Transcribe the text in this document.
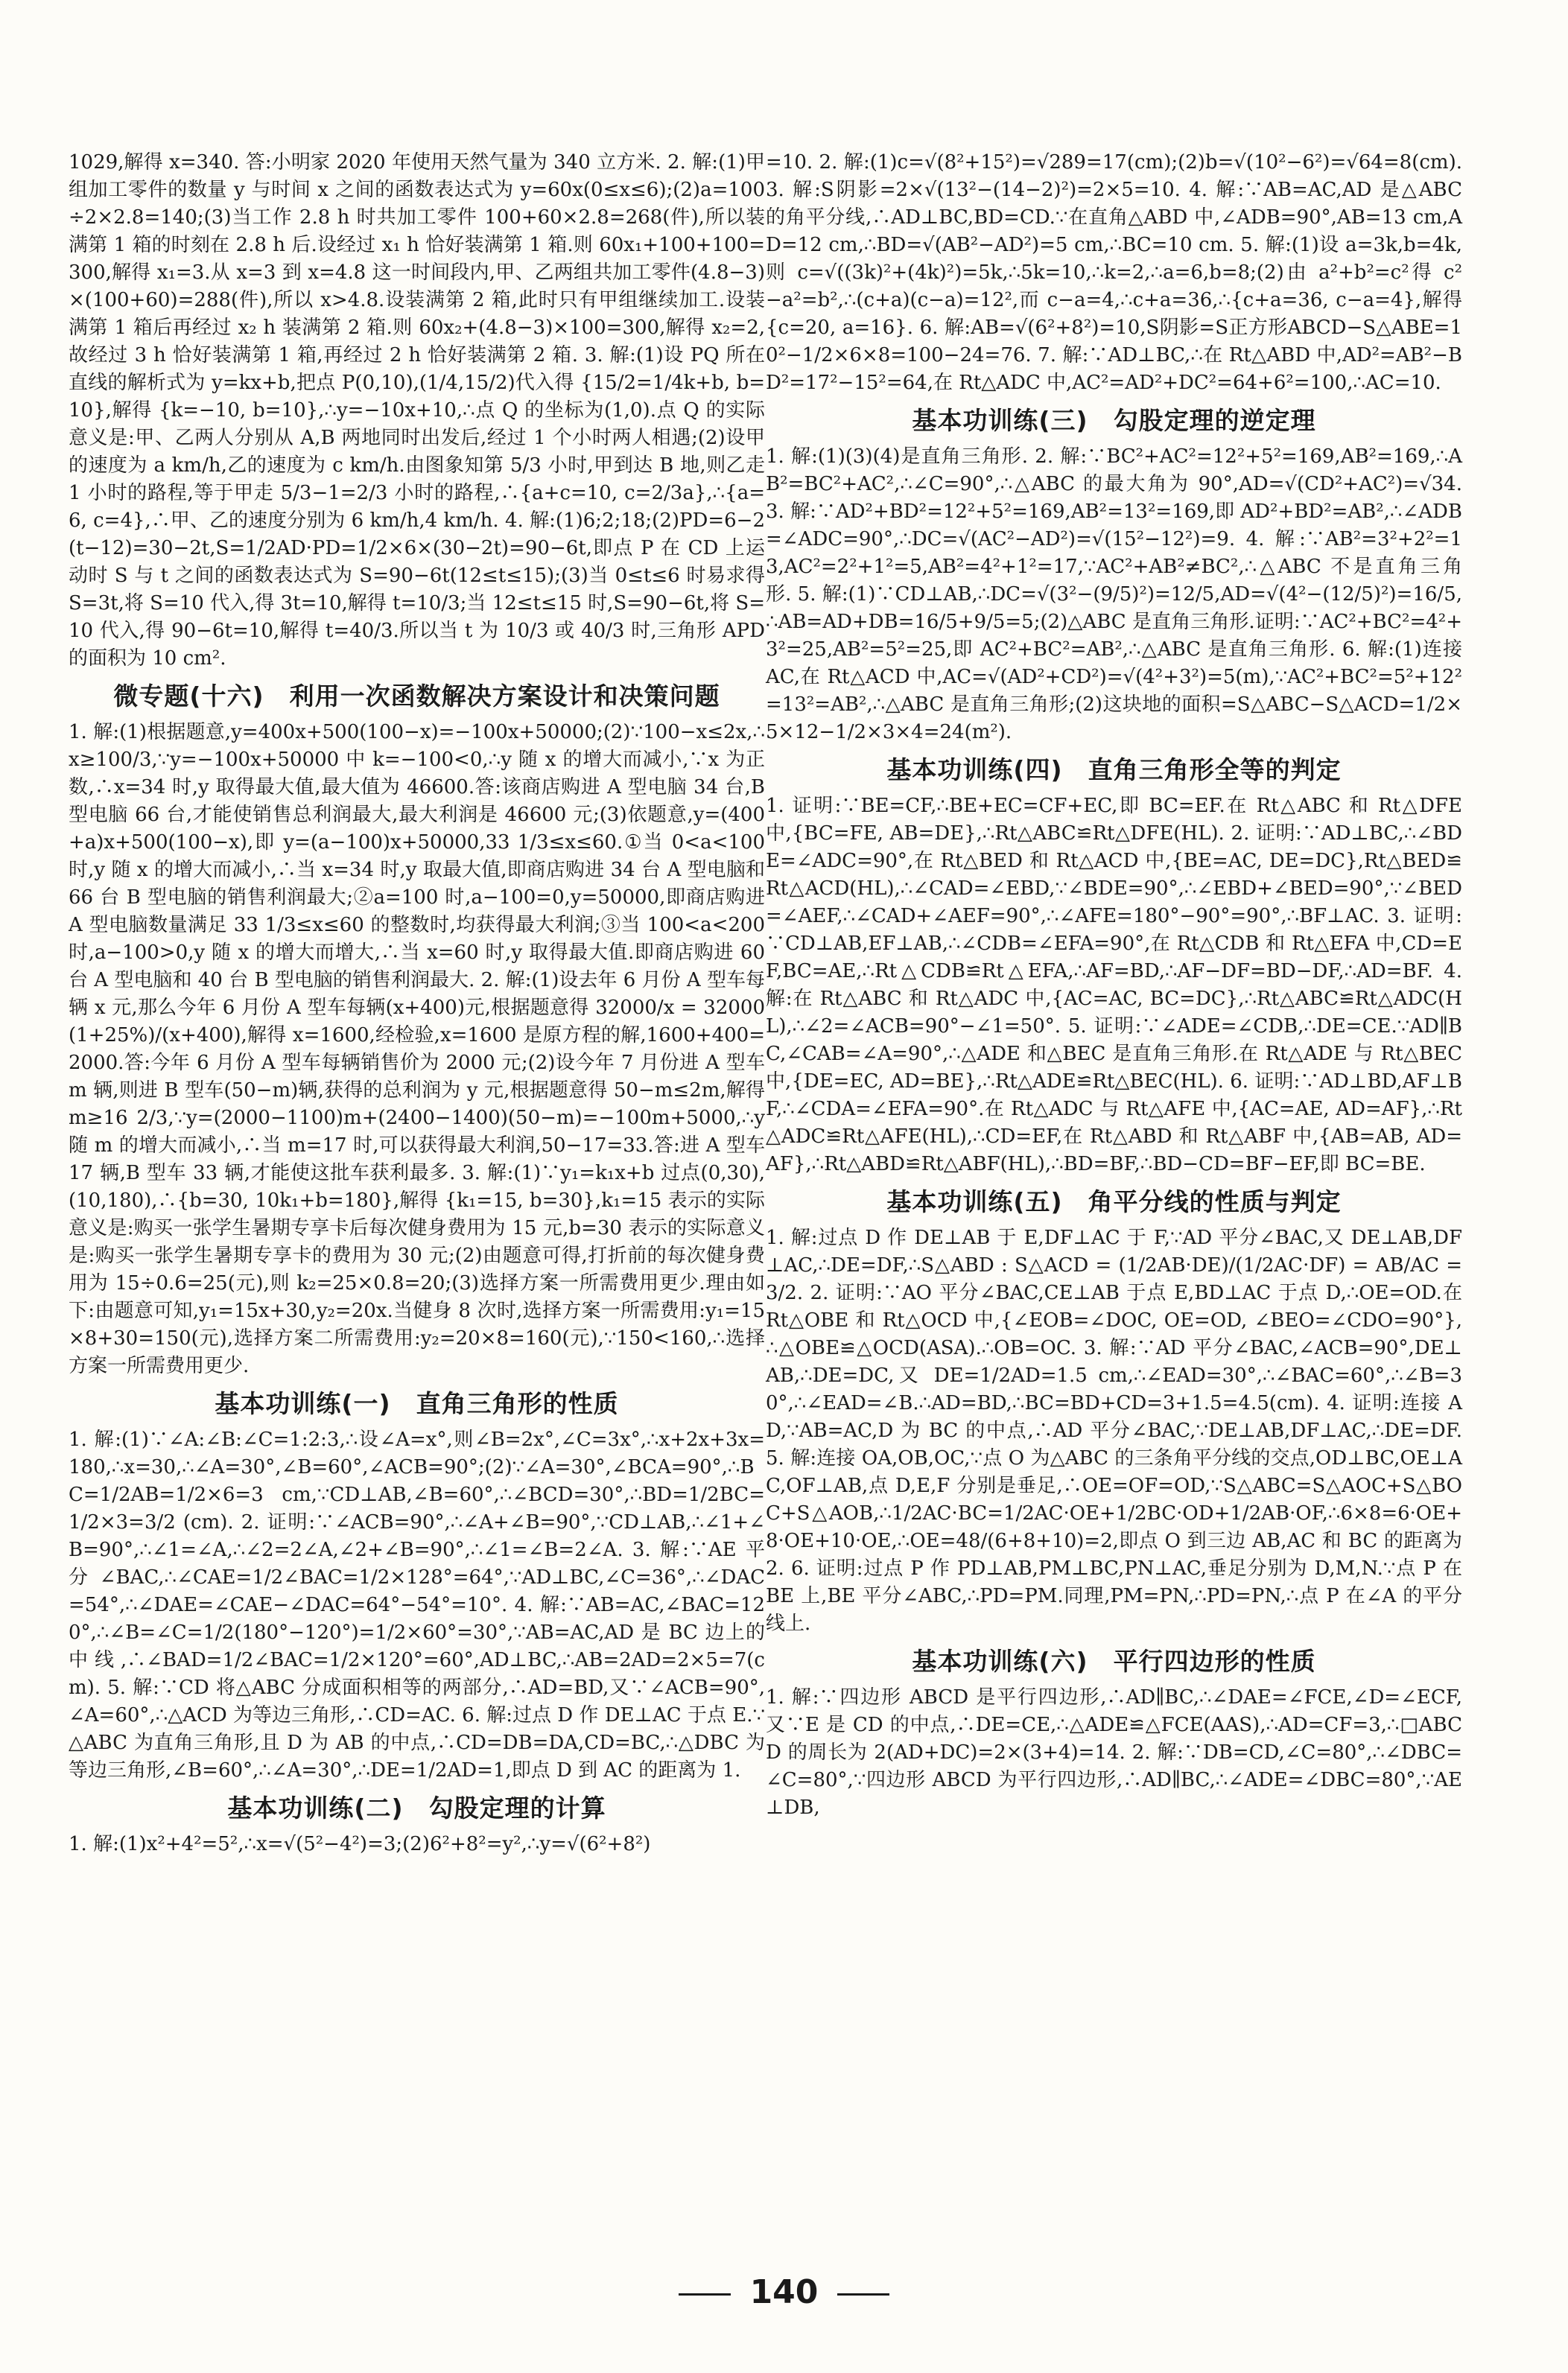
1029,解得 x=340. 答:小明家 2020 年使用天然气量为 340 立方米. 2. 解:(1)甲组加工零件的数量 y 与时间 x 之间的函数表达式为 y=60x(0≤x≤6);(2)a=100÷2×2.8=140;(3)当工作 2.8 h 时共加工零件 100+60×2.8=268(件),所以装满第 1 箱的时刻在 2.8 h 后.设经过 x₁ h 恰好装满第 1 箱.则 60x₁+100+100=300,解得 x₁=3.从 x=3 到 x=4.8 这一时间段内,甲、乙两组共加工零件(4.8−3)×(100+60)=288(件),所以 x>4.8.设装满第 2 箱,此时只有甲组继续加工.设装满第 1 箱后再经过 x₂ h 装满第 2 箱.则 60x₂+(4.8−3)×100=300,解得 x₂=2,故经过 3 h 恰好装满第 1 箱,再经过 2 h 恰好装满第 2 箱. 3. 解:(1)设 PQ 所在直线的解析式为 y=kx+b,把点 P(0,10),(1/4,15/2)代入得 {15/2=1/4k+b, b=10},解得 {k=−10, b=10},∴y=−10x+10,∴点 Q 的坐标为(1,0).点 Q 的实际意义是:甲、乙两人分别从 A,B 两地同时出发后,经过 1 个小时两人相遇;(2)设甲的速度为 a km/h,乙的速度为 c km/h.由图象知第 5/3 小时,甲到达 B 地,则乙走 1 小时的路程,等于甲走 5/3−1=2/3 小时的路程,∴{a+c=10, c=2/3a},∴{a=6, c=4},∴甲、乙的速度分别为 6 km/h,4 km/h. 4. 解:(1)6;2;18;(2)PD=6−2(t−12)=30−2t,S=1/2AD·PD=1/2×6×(30−2t)=90−6t,即点 P 在 CD 上运动时 S 与 t 之间的函数表达式为 S=90−6t(12≤t≤15);(3)当 0≤t≤6 时易求得 S=3t,将 S=10 代入,得 3t=10,解得 t=10/3;当 12≤t≤15 时,S=90−6t,将 S=10 代入,得 90−6t=10,解得 t=40/3.所以当 t 为 10/3 或 40/3 时,三角形 APD 的面积为 10 cm².
微专题(十六)　利用一次函数解决方案设计和决策问题
1. 解:(1)根据题意,y=400x+500(100−x)=−100x+50000;(2)∵100−x≤2x,∴x≥100/3,∵y=−100x+50000 中 k=−100<0,∴y 随 x 的增大而减小,∵x 为正数,∴x=34 时,y 取得最大值,最大值为 46600.答:该商店购进 A 型电脑 34 台,B 型电脑 66 台,才能使销售总利润最大,最大利润是 46600 元;(3)依题意,y=(400+a)x+500(100−x),即 y=(a−100)x+50000,33 1/3≤x≤60.①当 0<a<100 时,y 随 x 的增大而减小,∴当 x=34 时,y 取最大值,即商店购进 34 台 A 型电脑和 66 台 B 型电脑的销售利润最大;②a=100 时,a−100=0,y=50000,即商店购进 A 型电脑数量满足 33 1/3≤x≤60 的整数时,均获得最大利润;③当 100<a<200 时,a−100>0,y 随 x 的增大而增大,∴当 x=60 时,y 取得最大值.即商店购进 60 台 A 型电脑和 40 台 B 型电脑的销售利润最大. 2. 解:(1)设去年 6 月份 A 型车每辆 x 元,那么今年 6 月份 A 型车每辆(x+400)元,根据题意得 32000/x = 32000(1+25%)/(x+400),解得 x=1600,经检验,x=1600 是原方程的解,1600+400=2000.答:今年 6 月份 A 型车每辆销售价为 2000 元;(2)设今年 7 月份进 A 型车 m 辆,则进 B 型车(50−m)辆,获得的总利润为 y 元,根据题意得 50−m≤2m,解得 m≥16 2/3,∵y=(2000−1100)m+(2400−1400)(50−m)=−100m+5000,∴y 随 m 的增大而减小,∴当 m=17 时,可以获得最大利润,50−17=33.答:进 A 型车 17 辆,B 型车 33 辆,才能使这批车获利最多. 3. 解:(1)∵y₁=k₁x+b 过点(0,30),(10,180),∴{b=30, 10k₁+b=180},解得 {k₁=15, b=30},k₁=15 表示的实际意义是:购买一张学生暑期专享卡后每次健身费用为 15 元,b=30 表示的实际意义是:购买一张学生暑期专享卡的费用为 30 元;(2)由题意可得,打折前的每次健身费用为 15÷0.6=25(元),则 k₂=25×0.8=20;(3)选择方案一所需费用更少.理由如下:由题意可知,y₁=15x+30,y₂=20x.当健身 8 次时,选择方案一所需费用:y₁=15×8+30=150(元),选择方案二所需费用:y₂=20×8=160(元),∵150<160,∴选择方案一所需费用更少.
基本功训练(一)　直角三角形的性质
1. 解:(1)∵∠A:∠B:∠C=1:2:3,∴设∠A=x°,则∠B=2x°,∠C=3x°,∴x+2x+3x=180,∴x=30,∴∠A=30°,∠B=60°,∠ACB=90°;(2)∵∠A=30°,∠BCA=90°,∴BC=1/2AB=1/2×6=3 cm,∵CD⊥AB,∠B=60°,∴∠BCD=30°,∴BD=1/2BC=1/2×3=3/2 (cm). 2. 证明:∵∠ACB=90°,∴∠A+∠B=90°,∵CD⊥AB,∴∠1+∠B=90°,∴∠1=∠A,∴∠2=2∠A,∠2+∠B=90°,∴∠1=∠B=2∠A. 3. 解:∵AE 平分∠BAC,∴∠CAE=1/2∠BAC=1/2×128°=64°,∵AD⊥BC,∠C=36°,∴∠DAC=54°,∴∠DAE=∠CAE−∠DAC=64°−54°=10°. 4. 解:∵AB=AC,∠BAC=120°,∴∠B=∠C=1/2(180°−120°)=1/2×60°=30°,∵AB=AC,AD 是 BC 边上的中线,∴∠BAD=1/2∠BAC=1/2×120°=60°,AD⊥BC,∴AB=2AD=2×5=7(cm). 5. 解:∵CD 将△ABC 分成面积相等的两部分,∴AD=BD,又∵∠ACB=90°,∠A=60°,∴△ACD 为等边三角形,∴CD=AC. 6. 解:过点 D 作 DE⊥AC 于点 E.∵△ABC 为直角三角形,且 D 为 AB 的中点,∴CD=DB=DA,CD=BC,∴△DBC 为等边三角形,∠B=60°,∴∠A=30°,∴DE=1/2AD=1,即点 D 到 AC 的距离为 1.
基本功训练(二)　勾股定理的计算
1. 解:(1)x²+4²=5²,∴x=√(5²−4²)=3;(2)6²+8²=y²,∴y=√(6²+8²)
=10. 2. 解:(1)c=√(8²+15²)=√289=17(cm);(2)b=√(10²−6²)=√64=8(cm). 3. 解:S阴影=2×√(13²−(14−2)²)=2×5=10. 4. 解:∵AB=AC,AD 是△ABC 的角平分线,∴AD⊥BC,BD=CD.∵在直角△ABD 中,∠ADB=90°,AB=13 cm,AD=12 cm,∴BD=√(AB²−AD²)=5 cm,∴BC=10 cm. 5. 解:(1)设 a=3k,b=4k,则 c=√((3k)²+(4k)²)=5k,∴5k=10,∴k=2,∴a=6,b=8;(2)由 a²+b²=c²得 c²−a²=b²,∴(c+a)(c−a)=12²,而 c−a=4,∴c+a=36,∴{c+a=36, c−a=4},解得 {c=20, a=16}. 6. 解:AB=√(6²+8²)=10,S阴影=S正方形ABCD−S△ABE=10²−1/2×6×8=100−24=76. 7. 解:∵AD⊥BC,∴在 Rt△ABD 中,AD²=AB²−BD²=17²−15²=64,在 Rt△ADC 中,AC²=AD²+DC²=64+6²=100,∴AC=10.
基本功训练(三)　勾股定理的逆定理
1. 解:(1)(3)(4)是直角三角形. 2. 解:∵BC²+AC²=12²+5²=169,AB²=169,∴AB²=BC²+AC²,∴∠C=90°,∴△ABC 的最大角为 90°,AD=√(CD²+AC²)=√34. 3. 解:∵AD²+BD²=12²+5²=169,AB²=13²=169,即 AD²+BD²=AB²,∴∠ADB=∠ADC=90°,∴DC=√(AC²−AD²)=√(15²−12²)=9. 4. 解:∵AB²=3²+2²=13,AC²=2²+1²=5,AB²=4²+1²=17,∵AC²+AB²≠BC²,∴△ABC 不是直角三角形. 5. 解:(1)∵CD⊥AB,∴DC=√(3²−(9/5)²)=12/5,AD=√(4²−(12/5)²)=16/5,∴AB=AD+DB=16/5+9/5=5;(2)△ABC 是直角三角形.证明:∵AC²+BC²=4²+3²=25,AB²=5²=25,即 AC²+BC²=AB²,∴△ABC 是直角三角形. 6. 解:(1)连接 AC,在 Rt△ACD 中,AC=√(AD²+CD²)=√(4²+3²)=5(m),∵AC²+BC²=5²+12²=13²=AB²,∴△ABC 是直角三角形;(2)这块地的面积=S△ABC−S△ACD=1/2×5×12−1/2×3×4=24(m²).
基本功训练(四)　直角三角形全等的判定
1. 证明:∵BE=CF,∴BE+EC=CF+EC,即 BC=EF.在 Rt△ABC 和 Rt△DFE 中,{BC=FE, AB=DE},∴Rt△ABC≌Rt△DFE(HL). 2. 证明:∵AD⊥BC,∴∠BDE=∠ADC=90°,在 Rt△BED 和 Rt△ACD 中,{BE=AC, DE=DC},Rt△BED≌Rt△ACD(HL),∴∠CAD=∠EBD,∵∠BDE=90°,∴∠EBD+∠BED=90°,∵∠BED=∠AEF,∴∠CAD+∠AEF=90°,∴∠AFE=180°−90°=90°,∴BF⊥AC. 3. 证明:∵CD⊥AB,EF⊥AB,∴∠CDB=∠EFA=90°,在 Rt△CDB 和 Rt△EFA 中,CD=EF,BC=AE,∴Rt△CDB≌Rt△EFA,∴AF=BD,∴AF−DF=BD−DF,∴AD=BF. 4. 解:在 Rt△ABC 和 Rt△ADC 中,{AC=AC, BC=DC},∴Rt△ABC≌Rt△ADC(HL),∴∠2=∠ACB=90°−∠1=50°. 5. 证明:∵∠ADE=∠CDB,∴DE=CE.∵AD∥BC,∠CAB=∠A=90°,∴△ADE 和△BEC 是直角三角形.在 Rt△ADE 与 Rt△BEC 中,{DE=EC, AD=BE},∴Rt△ADE≌Rt△BEC(HL). 6. 证明:∵AD⊥BD,AF⊥BF,∴∠CDA=∠EFA=90°.在 Rt△ADC 与 Rt△AFE 中,{AC=AE, AD=AF},∴Rt△ADC≌Rt△AFE(HL),∴CD=EF,在 Rt△ABD 和 Rt△ABF 中,{AB=AB, AD=AF},∴Rt△ABD≌Rt△ABF(HL),∴BD=BF,∴BD−CD=BF−EF,即 BC=BE.
基本功训练(五)　角平分线的性质与判定
1. 解:过点 D 作 DE⊥AB 于 E,DF⊥AC 于 F,∵AD 平分∠BAC,又 DE⊥AB,DF⊥AC,∴DE=DF,∴S△ABD : S△ACD = (1/2AB·DE)/(1/2AC·DF) = AB/AC = 3/2. 2. 证明:∵AO 平分∠BAC,CE⊥AB 于点 E,BD⊥AC 于点 D,∴OE=OD.在 Rt△OBE 和 Rt△OCD 中,{∠EOB=∠DOC, OE=OD, ∠BEO=∠CDO=90°},∴△OBE≌△OCD(ASA).∴OB=OC. 3. 解:∵AD 平分∠BAC,∠ACB=90°,DE⊥AB,∴DE=DC,又 DE=1/2AD=1.5 cm,∴∠EAD=30°,∴∠BAC=60°,∴∠B=30°,∴∠EAD=∠B.∴AD=BD,∴BC=BD+CD=3+1.5=4.5(cm). 4. 证明:连接 AD,∵AB=AC,D 为 BC 的中点,∴AD 平分∠BAC,∵DE⊥AB,DF⊥AC,∴DE=DF. 5. 解:连接 OA,OB,OC,∵点 O 为△ABC 的三条角平分线的交点,OD⊥BC,OE⊥AC,OF⊥AB,点 D,E,F 分别是垂足,∴OE=OF=OD,∵S△ABC=S△AOC+S△BOC+S△AOB,∴1/2AC·BC=1/2AC·OE+1/2BC·OD+1/2AB·OF,∴6×8=6·OE+8·OE+10·OE,∴OE=48/(6+8+10)=2,即点 O 到三边 AB,AC 和 BC 的距离为 2. 6. 证明:过点 P 作 PD⊥AB,PM⊥BC,PN⊥AC,垂足分别为 D,M,N.∵点 P 在 BE 上,BE 平分∠ABC,∴PD=PM.同理,PM=PN,∴PD=PN,∴点 P 在∠A 的平分线上.
基本功训练(六)　平行四边形的性质
1. 解:∵四边形 ABCD 是平行四边形,∴AD∥BC,∴∠DAE=∠FCE,∠D=∠ECF,又∵E 是 CD 的中点,∴DE=CE,∴△ADE≌△FCE(AAS),∴AD=CF=3,∴□ABCD 的周长为 2(AD+DC)=2×(3+4)=14. 2. 解:∵DB=CD,∠C=80°,∴∠DBC=∠C=80°,∵四边形 ABCD 为平行四边形,∴AD∥BC,∴∠ADE=∠DBC=80°,∵AE⊥DB,
140
